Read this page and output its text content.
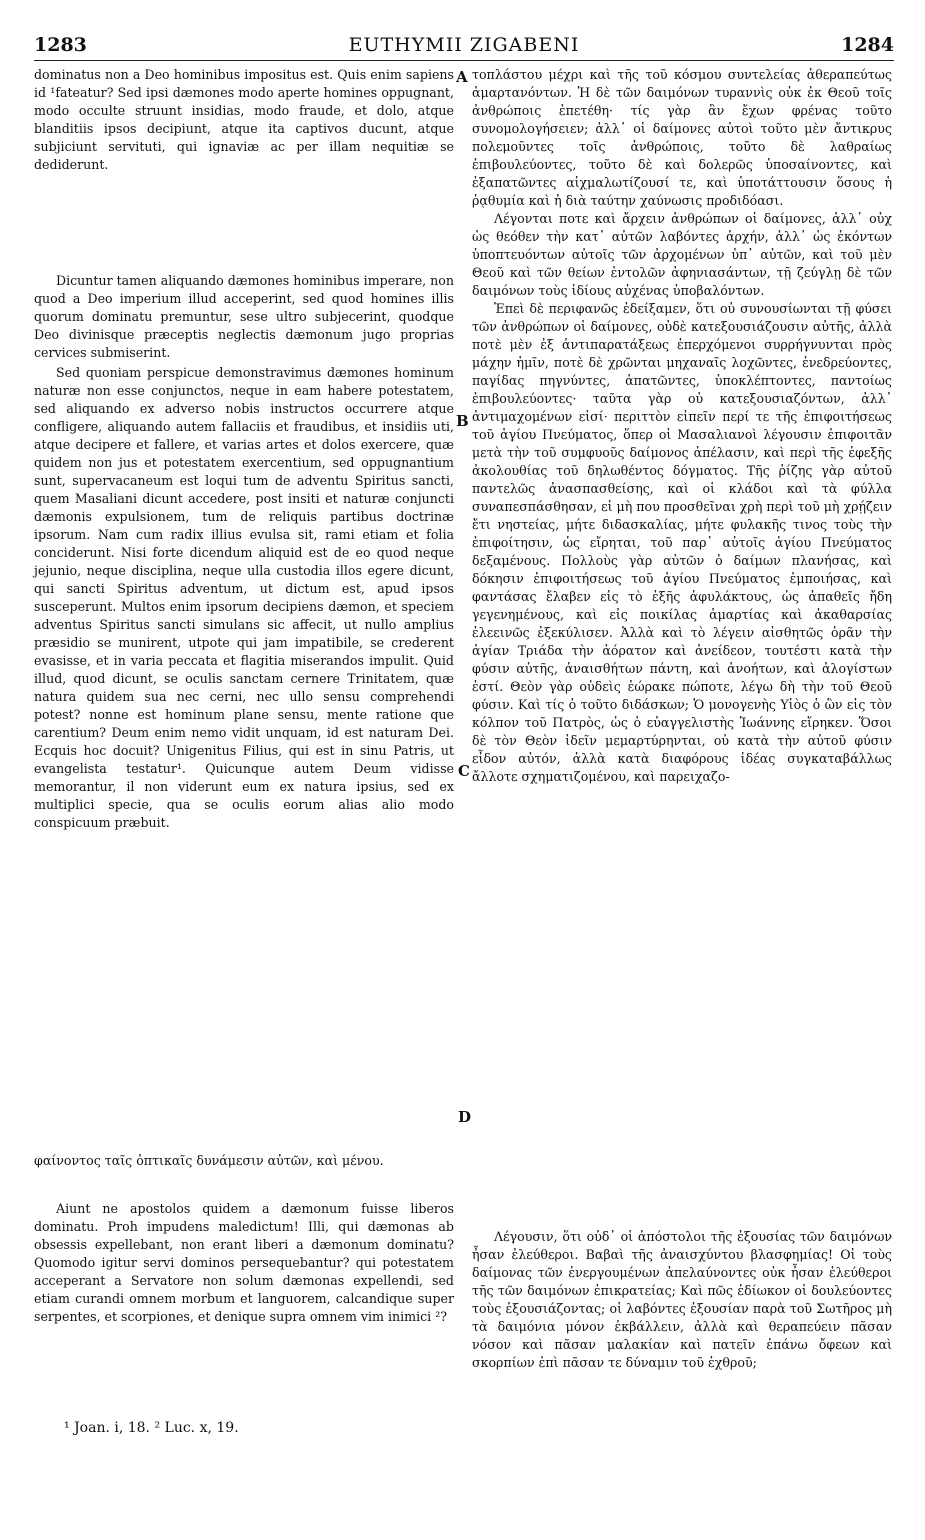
1283	EUTHYMII ZIGABENI	1284

dominatus non a Deo hominibus impositus est. Quis enim sapiens id ¹fateatur? Sed ipsi dæmones modo aperte homines oppugnant, modo occulte struunt insidias, modo fraude, et dolo, atque blanditiis ipsos decipiunt, atque ita captivos ducunt, atque subjiciunt servituti, qui ignaviæ ac per illam nequitiæ se dediderunt.

Dicuntur tamen aliquando dæmones hominibus imperare, non quod a Deo imperium illud acceperint, sed quod homines illis quorum dominatu premuntur, sese ultro subjecerint, quodque Deo divinisque præceptis neglectis dæmonum jugo proprias cervices submiserint.

Sed quoniam perspicue demonstravimus dæmones hominum naturæ non esse conjunctos, neque in eam habere potestatem, sed aliquando ex adverso nobis instructos occurrere atque confligere, aliquando autem fallaciis et fraudibus, et insidiis uti, atque decipere et fallere, et varias artes et dolos exercere, quæ quidem non jus et potestatem exercentium, sed oppugnantium sunt, supervacaneum est loqui tum de adventu Spiritus sancti, quem Masaliani dicunt accedere, post insiti et naturæ conjuncti dæmonis expulsionem, tum de reliquis partibus doctrinæ ipsorum. Nam cum radix illius evulsa sit, rami etiam et folia conciderunt. Nisi forte dicendum aliquid est de eo quod neque jejunio, neque disciplina, neque ulla custodia illos egere dicunt, qui sancti Spiritus adventum, ut dictum est, apud ipsos susceperunt. Multos enim ipsorum decipiens dæmon, et speciem adventus Spiritus sancti simulans sic affecit, ut nullo amplius præsidio se munirent, utpote qui jam impatibile, se crederent evasisse, et in varia peccata et flagitia miserandos impulit. Quid illud, quod dicunt, se oculis sanctam cernere Trinitatem, quæ natura quidem sua nec cerni, nec ullo sensu comprehendi potest? nonne est hominum plane sensu, mente ratione que carentium? Deum enim nemo vidit unquam, id est naturam Dei. Ecquis hoc docuit? Unigenitus Filius, qui est in sinu Patris, ut evangelista testatur¹. Quicunque autem Deum vidisse memorantur, il non viderunt eum ex natura ipsius, sed ex multiplici specie, qua se oculis eorum alias alio modo conspicuum præbuit.

φαίνοντος ταῖς ὀπτικαῖς δυνάμεσιν αὐτῶν, καὶ μένου.

Aiunt ne apostolos quidem a dæmonum fuisse liberos dominatu. Proh impudens maledictum! Illi, qui dæmonas ab obsessis expellebant, non erant liberi a dæmonum dominatu? Quomodo igitur servi dominos persequebantur? qui potestatem acceperant a Servatore non solum dæmonas expellendi, sed etiam curandi omnem morbum et languorem, calcandique super serpentes, et scorpiones, et denique supra omnem vim inimici ²?

A
B
C
D

τοπλάστου μέχρι καὶ τῆς τοῦ κόσμου συντελείας ἀθεραπεύτως ἁμαρτανόντων. Ἡ δὲ τῶν δαιμόνων τυραννὶς οὐκ ἐκ Θεοῦ τοῖς ἀνθρώποις ἐπετέθη· τίς γὰρ ἂν ἔχων φρένας τοῦτο συνομολογήσειεν; ἀλλ᾽ οἱ δαίμονες αὐτοὶ τοῦτο μὲν ἄντικρυς πολεμοῦντες τοῖς ἀνθρώποις, τοῦτο δὲ λαθραίως ἐπιβουλεύοντες, τοῦτο δὲ καὶ δολερῶς ὑποσαίνοντες, καὶ ἐξαπατῶντες αἰχμαλωτίζουσί τε, καὶ ὑποτάττουσιν ὅσους ἡ ῥᾳθυμία καὶ ἡ διὰ ταύτην χαύνωσις προδιδόασι.

Λέγονται ποτε καὶ ἄρχειν ἀνθρώπων οἱ δαίμονες, ἀλλ᾽ οὐχ ὡς θεόθεν τὴν κατ᾽ αὐτῶν λαβόντες ἀρχήν, ἀλλ᾽ ὡς ἑκόντων ὑποπτευόντων αὐτοῖς τῶν ἀρχομένων ὑπ᾽ αὐτῶν, καὶ τοῦ μὲν Θεοῦ καὶ τῶν θείων ἐντολῶν ἀφηνιασάντων, τῇ ζεύγλῃ δὲ τῶν δαιμόνων τοὺς ἰδίους αὐχένας ὑποβαλόντων.

Ἐπεὶ δὲ περιφανῶς ἐδείξαμεν, ὅτι οὐ συνουσίωνται τῇ φύσει τῶν ἀνθρώπων οἱ δαίμονες, οὐδὲ κατεξουσιάζουσιν αὐτῆς, ἀλλὰ ποτὲ μὲν ἐξ ἀντιπαρατάξεως ἐπερχόμενοι συρρήγνυνται πρὸς μάχην ἡμῖν, ποτὲ δὲ χρῶνται μηχαναῖς λοχῶντες, ἐνεδρεύοντες, παγίδας πηγνύντες, ἀπατῶντες, ὑποκλέπτοντες, παντοίως ἐπιβουλεύοντες· ταῦτα γὰρ οὐ κατεξουσιαζόντων, ἀλλ᾽ ἀντιμαχομένων εἰσί· περιττὸν εἰπεῖν περί τε τῆς ἐπιφοιτήσεως τοῦ ἁγίου Πνεύματος, ὅπερ οἱ Μασαλιανοὶ λέγουσιν ἐπιφοιτᾶν μετὰ τὴν τοῦ συμφυοῦς δαίμονος ἀπέλασιν, καὶ περὶ τῆς ἐφεξῆς ἀκολουθίας τοῦ δηλωθέντος δόγματος. Τῆς ῥίζης γὰρ αὐτοῦ παντελῶς ἀνασπασθείσης, καὶ οἱ κλάδοι καὶ τὰ φύλλα συναπεσπάσθησαν, εἰ μὴ που προσθεῖναι χρὴ περὶ τοῦ μὴ χρῄζειν ἔτι νηστείας, μήτε διδασκαλίας, μήτε φυλακῆς τινος τοὺς τὴν ἐπιφοίτησιν, ὡς εἴρηται, τοῦ παρ᾽ αὐτοῖς ἁγίου Πνεύματος δεξαμένους. Πολλοὺς γὰρ αὐτῶν ὁ δαίμων πλανήσας, καὶ δόκησιν ἐπιφοιτήσεως τοῦ ἁγίου Πνεύματος ἐμποιήσας, καὶ φαντάσας ἔλαβεν εἰς τὸ ἐξῆς ἀφυλάκτους, ὡς ἀπαθεῖς ἤδη γεγενημένους, καὶ εἰς ποικίλας ἁμαρτίας καὶ ἀκαθαρσίας ἐλεεινῶς ἐξεκύλισεν. Ἀλλὰ καὶ τὸ λέγειν αἰσθητῶς ὁρᾶν τὴν ἁγίαν Τριάδα τὴν ἀόρατον καὶ ἀνείδεον, τουτέστι κατὰ τὴν φύσιν αὐτῆς, ἀναισθήτων πάντη, καὶ ἀνοήτων, καὶ ἀλογίστων ἐστί. Θεὸν γὰρ οὐδεὶς ἑώρακε πώποτε, λέγω δὴ τὴν τοῦ Θεοῦ φύσιν. Καὶ τίς ὁ τοῦτο διδάσκων; Ὁ μονογενὴς Υἱὸς ὁ ὢν εἰς τὸν κόλπον τοῦ Πατρὸς, ὡς ὁ εὐαγγελιστὴς Ἰωάννης εἴρηκεν. Ὅσοι δὲ τὸν Θεὸν ἰδεῖν μεμαρτύρηνται, οὐ κατὰ τὴν αὐτοῦ φύσιν εἶδον αὐτόν, ἀλλὰ κατὰ διαφόρους ἰδέας συγκαταβάλλως ἄλλοτε σχηματιζομένου, καὶ παρειχαζο-

Λέγουσιν, ὅτι οὐδ᾽ οἱ ἀπόστολοι τῆς ἐξουσίας τῶν δαιμόνων ἦσαν ἐλεύθεροι. Βαβαὶ τῆς ἀναισχύντου βλασφημίας! Οἱ τοὺς δαίμονας τῶν ἐνεργουμένων ἀπελαύνοντες οὐκ ἦσαν ἐλεύθεροι τῆς τῶν δαιμόνων ἐπικρατείας; Καὶ πῶς ἐδίωκον οἱ δουλεύοντες τοὺς ἐξουσιάζοντας; οἱ λαβόντες ἐξουσίαν παρὰ τοῦ Σωτῆρος μὴ τὰ δαιμόνια μόνον ἐκβάλλειν, ἀλλὰ καὶ θεραπεύειν πᾶσαν νόσον καὶ πᾶσαν μαλακίαν καὶ πατεῖν ἐπάνω ὄφεων καὶ σκορπίων ἐπὶ πᾶσαν τε δύναμιν τοῦ ἐχθροῦ;

¹ Joan. i, 18. ² Luc. x, 19.
